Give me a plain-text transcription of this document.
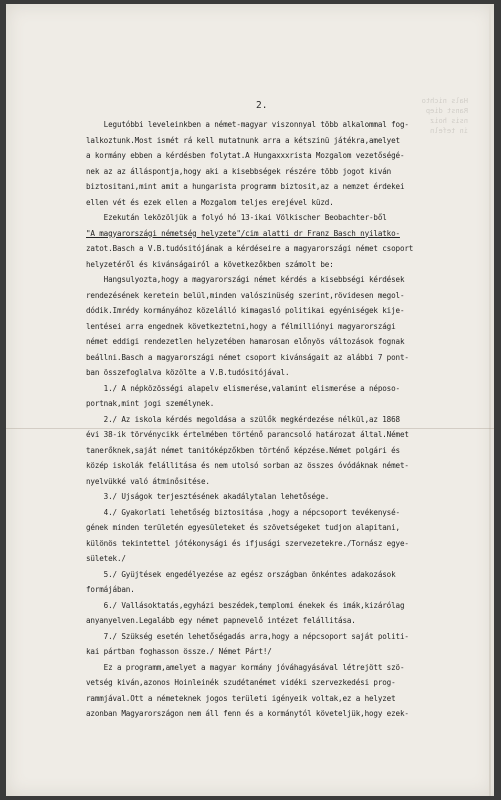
Hals nichto
Ranst diep
nsis hoiz
in tefeln
2.
Legutóbbi leveleinkben a német-magyar viszonnyal több alkalommal fog-
lalkoztunk.Most ismét rá kell mutatnunk arra a kétszinü játékra,amelyet
a kormány ebben a kérdésben folytat.A Hungaxxxrista Mozgalom vezetőségé-
nek az az álláspontja,hogy aki a kisebbségek részére több jogot kiván
biztositani,mint amit a hungarista programm biztosit,az a nemzet érdekei
ellen vét és ezek ellen a Mozgalom teljes erejével küzd.
Ezekután leközöljük a folyó hó 13-ikai Völkischer Beobachter-ből
"A magyarországi németség helyzete"/cim alatti dr Franz Basch nyilatko-
zatot.Basch a V.B.tudósitójának a kérdéseire a magyarországi német csoport
helyzetéről és kivánságairól a következőkben számolt be:
Hangsulyozta,hogy a magyarországi német kérdés a kisebbségi kérdések
rendezésének keretein belül,minden valószinüség szerint,rövidesen megol-
dódik.Imrédy kormányához közelálló kimagasló politikai egyéniségek kije-
lentései arra engednek következtetni,hogy a félmilliónyi magyarországi
német eddigi rendezetlen helyzetében hamarosan előnyös változások fognak
beállni.Basch a magyarországi német csoport kivánságait az alábbi 7 pont-
ban összefoglalva közölte a V.B.tudósitójával.
1./ A népközösségi alapelv elismerése,valamint elismerése a néposo-
portnak,mint jogi személynek.
2./ Az iskola kérdés megoldása a szülők megkérdezése nélkül,az 1868
évi 38-ik törvénycikk értelmében történő parancsoló határozat által.Német
tanerőknek,saját német tanitóképzőkben történő képzése.Német polgári és
közép iskolák felállitása és nem utolsó sorban az összes óvódáknak német-
nyelvükké való átminősitése.
3./ Ujságok terjesztésének akadálytalan lehetősége.
4./ Gyakorlati lehetőség biztositása ,hogy a népcsoport tevékenysé-
gének minden területén egyesületeket és szövetségeket tudjon alapitani,
különös tekintettel jótékonysági és ifjusági szervezetekre./Tornász egye-
sületek./
5./ Gyüjtések engedélyezése az egész országban önkéntes adakozások
formájában.
6./ Vallásoktatás,egyházi beszédek,templomi énekek és imák,kizárólag
anyanyelven.Legalább egy német papnevelő intézet felállitása.
7./ Szükség esetén lehetőségadás arra,hogy a népcsoport saját politi-
kai pártban foghasson össze./ Német Párt!/
Ez a programm,amelyet a magyar kormány jóváhagyásával létrejött szö-
vetség kiván,azonos Hoinleinék szudétanémet vidéki szervezkedési prog-
rammjával.Ott a németeknek jogos területi igényeik voltak,ez a helyzet
azonban Magyarországon nem áll fenn és a kormánytól követeljük,hogy ezek-
